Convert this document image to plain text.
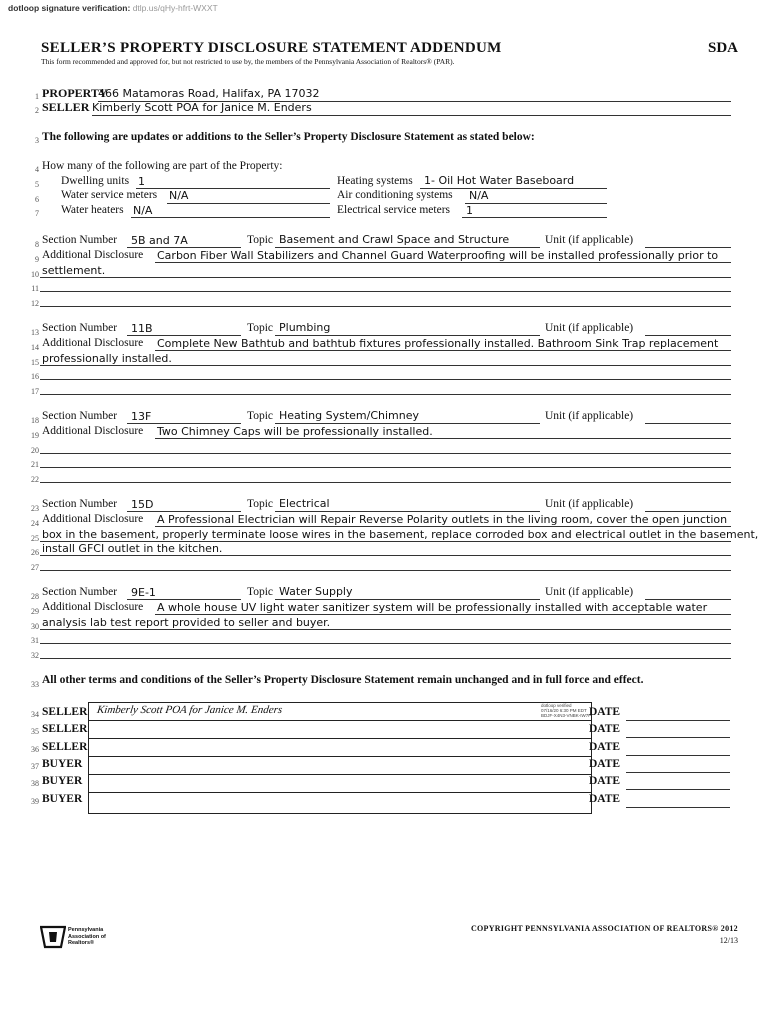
dotloop signature verification: dtlp.us/qHy-hfrt-WXXT
SELLER’S PROPERTY DISCLOSURE STATEMENT ADDENDUM	SDA
This form recommended and approved for, but not restricted to use by, the members of the Pennsylvania Association of Realtors® (PAR).
1 PROPERTY
466 Matamoras Road, Halifax, PA 17032
2 SELLER Kimberly Scott POA for Janice M. Enders
3 The following are updates or additions to the Seller’s Property Disclosure Statement as stated below:
4 How many of the following are part of the Property:
5 Dwelling units 1	Heating systems 1- Oil Hot Water Baseboard
6 Water service meters N/A	Air conditioning systems N/A
7 Water heaters N/A	Electrical service meters 1
8 Section Number 5B and 7A	Topic Basement and Crawl Space and Structure	Unit (if applicable)
9 Additional Disclosure Carbon Fiber Wall Stabilizers and Channel Guard Waterproofing will be installed professionally prior to
10 settlement.
11
12
13 Section Number 11B	Topic Plumbing	Unit (if applicable)
14 Additional Disclosure Complete New Bathtub and bathtub fixtures professionally installed. Bathroom Sink Trap replacement
15 professionally installed.
16
17
18 Section Number 13F	Topic Heating System/Chimney	Unit (if applicable)
19 Additional Disclosure Two Chimney Caps will be professionally installed.
20
21
22
23 Section Number 15D	Topic Electrical	Unit (if applicable)
24 Additional Disclosure A Professional Electrician will Repair Reverse Polarity outlets in the living room, cover the open junction
25 box in the basement, properly terminate loose wires in the basement, replace corroded box and electrical outlet in the basement,
26 install GFCI outlet in the kitchen.
27
28 Section Number 9E-1	Topic Water Supply	Unit (if applicable)
29 Additional Disclosure A whole house UV light water sanitizer system will be professionally installed with acceptable water
30 analysis lab test report provided to seller and buyer.
31
32
33 All other terms and conditions of the Seller’s Property Disclosure Statement remain unchanged and in full force and effect.
Kimberly Scott POA for Janice M. Enders	dotloop verified
07/16/20 6:30 PM EDT
BDJF-X4N3-VNBK-IW7P
34 SELLER	DATE
35 SELLER	DATE
36 SELLER	DATE
37 BUYER	DATE
38 BUYER	DATE
39 BUYER	DATE
Pennsylvania
Association of
Realtors®
COPYRIGHT PENNSYLVANIA ASSOCIATION OF REALTORS® 2012
12/13
